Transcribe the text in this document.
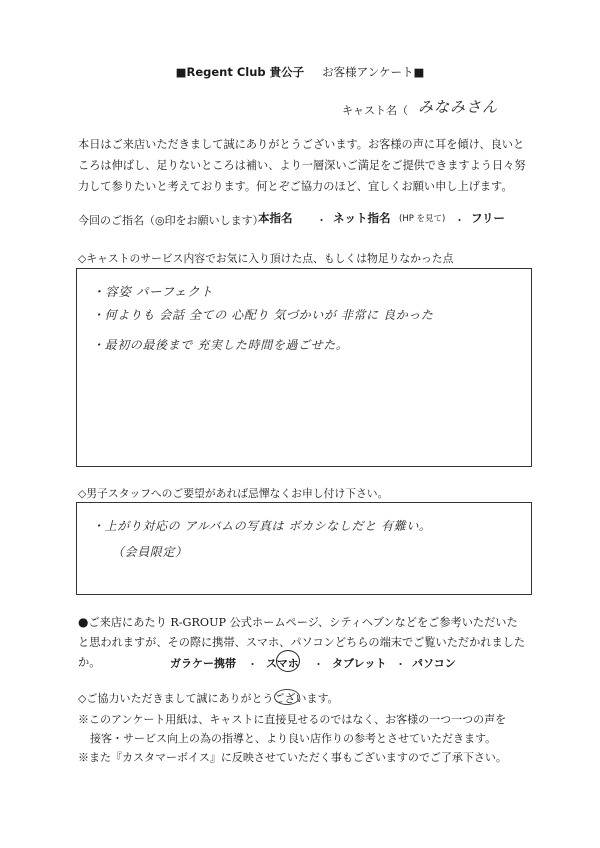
■Regent Club 貴公子 お客様アンケート■
キャスト名（ みなみさん

本日はご来店いただきまして誠にありがとうございます。お客様の声に耳を傾け、良いところは伸ばし、足りないところは補い、より一層深いご満足をご提供できますよう日々努力して参りたいと考えております。何とぞご協力のほど、宜しくお願い申し上げます。

今回のご指名（◎印をお願いします）
本指名 ・ ネット指名 (HP を見て) ・ フリー
◇キャストのサービス内容でお気に入り頂けた点、もしくは物足りなかった点
・容姿 パーフェクト
・何よりも 会話 全ての 心配り 気づかいが 非常に 良かった
・最初の最後まで 充実した時間を過ごせた。
◇男子スタッフへのご要望があれば忌憚なくお申し付け下さい。
・上がり対応の アルバムの写真は ボカシなしだと 有難い。
（会員限定）

●ご来店にあたり R-GROUP 公式ホームページ、シティヘブンなどをご参考いただいたと思われますが、その際に携帯、スマホ、パソコンどちらの端末でご覧いただかれましたか。	ガラケー携帯 ・ スマホ ・ タブレット ・ パソコン
◇ご協力いただきまして誠にありがとうございます。

※このアンケート用紙は、キャストに直接見せるのではなく、お客様の一つ一つの声を
接客・サービス向上の為の指導と、より良い店作りの参考とさせていただきます。
※また『カスタマーボイス』に反映させていただく事もございますのでご了承下さい。
